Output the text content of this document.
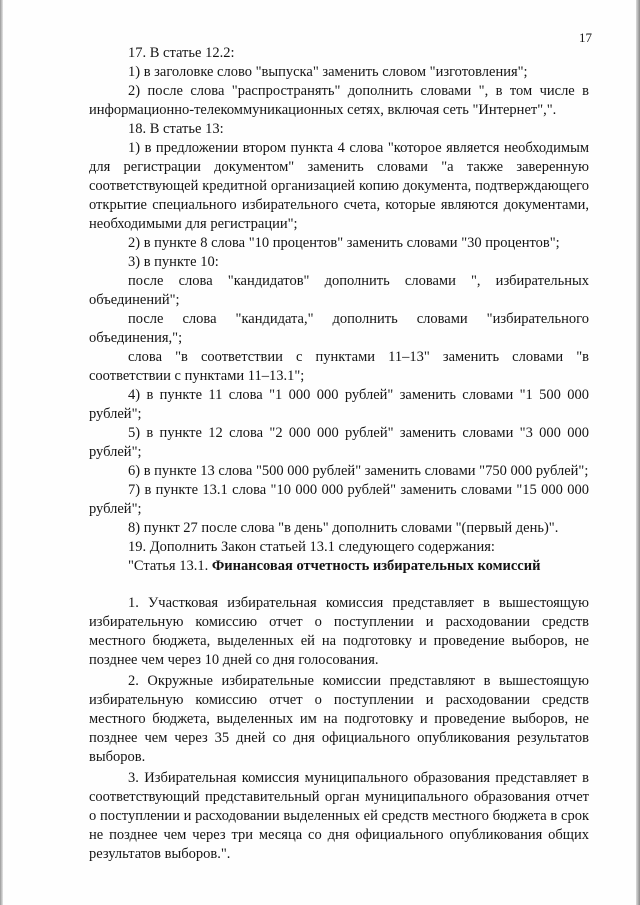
17

17. В статье 12.2:

1) в заголовке слово "выпуска" заменить словом "изготовления";

2) после слова "распространять" дополнить словами ", в том числе в информационно-телекоммуникационных сетях, включая сеть "Интернет",".

18. В статье 13:

1) в предложении втором пункта 4 слова "которое является необходимым для регистрации документом" заменить словами "а также заверенную соответствующей кредитной организацией копию документа, подтверждающего открытие специального избирательного счета, которые являются документами, необходимыми для регистрации";

2) в пункте 8 слова "10 процентов" заменить словами "30 процентов";

3) в пункте 10:

после слова "кандидатов" дополнить словами ", избирательных объединений";

после слова "кандидата," дополнить словами "избирательного объединения,";

слова "в соответствии с пунктами 11–13" заменить словами "в соответствии с пунктами 11–13.1";

4) в пункте 11 слова "1 000 000 рублей" заменить словами "1 500 000 рублей";

5) в пункте 12 слова "2 000 000 рублей" заменить словами "3 000 000 рублей";

6) в пункте 13 слова "500 000 рублей" заменить словами "750 000 рублей";

7) в пункте 13.1 слова "10 000 000 рублей" заменить словами "15 000 000 рублей";

8) пункт 27 после слова "в день" дополнить словами "(первый день)".

19. Дополнить Закон статьей 13.1 следующего содержания:

"Статья 13.1. Финансовая отчетность избирательных комиссий

1. Участковая избирательная комиссия представляет в вышестоящую избирательную комиссию отчет о поступлении и расходовании средств местного бюджета, выделенных ей на подготовку и проведение выборов, не позднее чем через 10 дней со дня голосования.

2. Окружные избирательные комиссии представляют в вышестоящую избирательную комиссию отчет о поступлении и расходовании средств местного бюджета, выделенных им на подготовку и проведение выборов, не позднее чем через 35 дней со дня официального опубликования результатов выборов.

3. Избирательная комиссия муниципального образования представляет в соответствующий представительный орган муниципального образования отчет о поступлении и расходовании выделенных ей средств местного бюджета в срок не позднее чем через три месяца со дня официального опубликования общих результатов выборов.".
